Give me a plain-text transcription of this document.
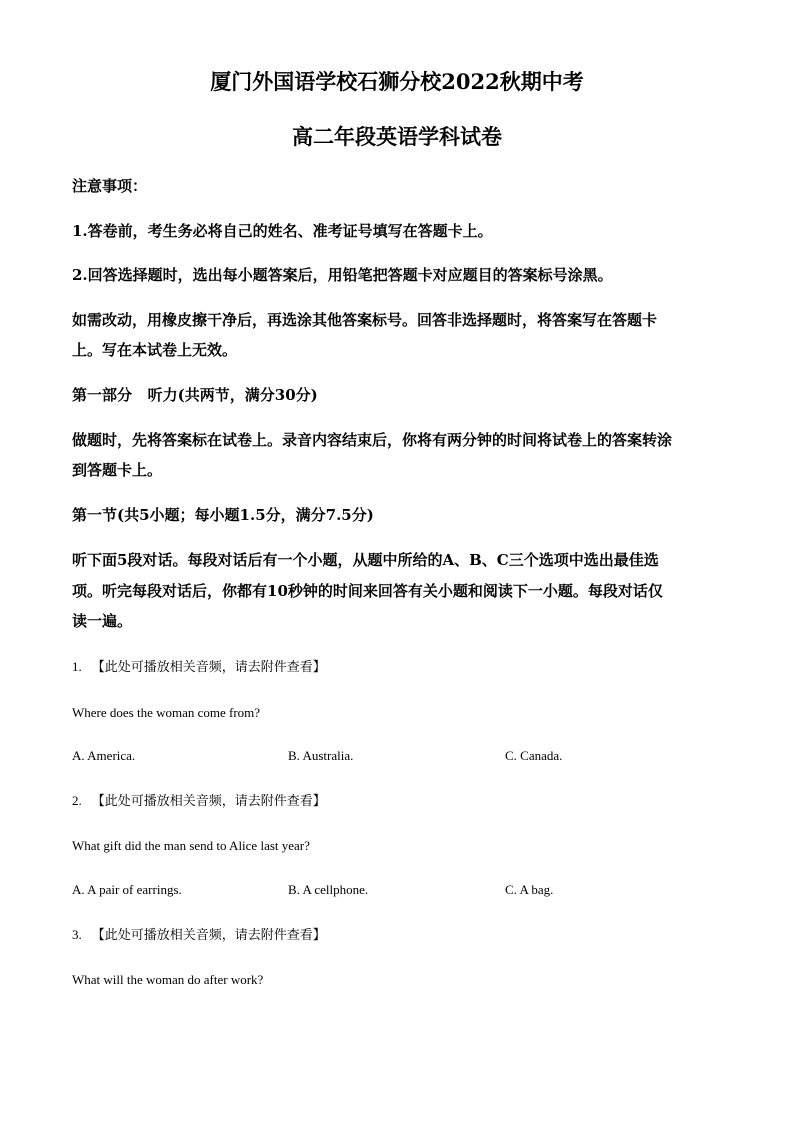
厦门外国语学校石狮分校2022秋期中考
高二年段英语学科试卷
注意事项：
1.答卷前，考生务必将自己的姓名、准考证号填写在答题卡上。
2.回答选择题时，选出每小题答案后，用铅笔把答题卡对应题目的答案标号涂黑。
如需改动，用橡皮擦干净后，再选涂其他答案标号。回答非选择题时，将答案写在答题卡
上。写在本试卷上无效。
第一部分   听力(共两节，满分30分)
做题时，先将答案标在试卷上。录音内容结束后，你将有两分钟的时间将试卷上的答案转涂
到答题卡上。
第一节(共5小题；每小题1.5分，满分7.5分)
听下面5段对话。每段对话后有一个小题，从题中所给的A、B、C三个选项中选出最佳选
项。听完每段对话后，你都有10秒钟的时间来回答有关小题和阅读下一小题。每段对话仅
读一遍。
1. 【此处可播放相关音频，请去附件查看】
Where does the woman come from?
A. America.	B. Australia.	C. Canada.
2. 【此处可播放相关音频，请去附件查看】
What gift did the man send to Alice last year?
A. A pair of earrings.	B. A cellphone.	C. A bag.
3. 【此处可播放相关音频，请去附件查看】
What will the woman do after work?
